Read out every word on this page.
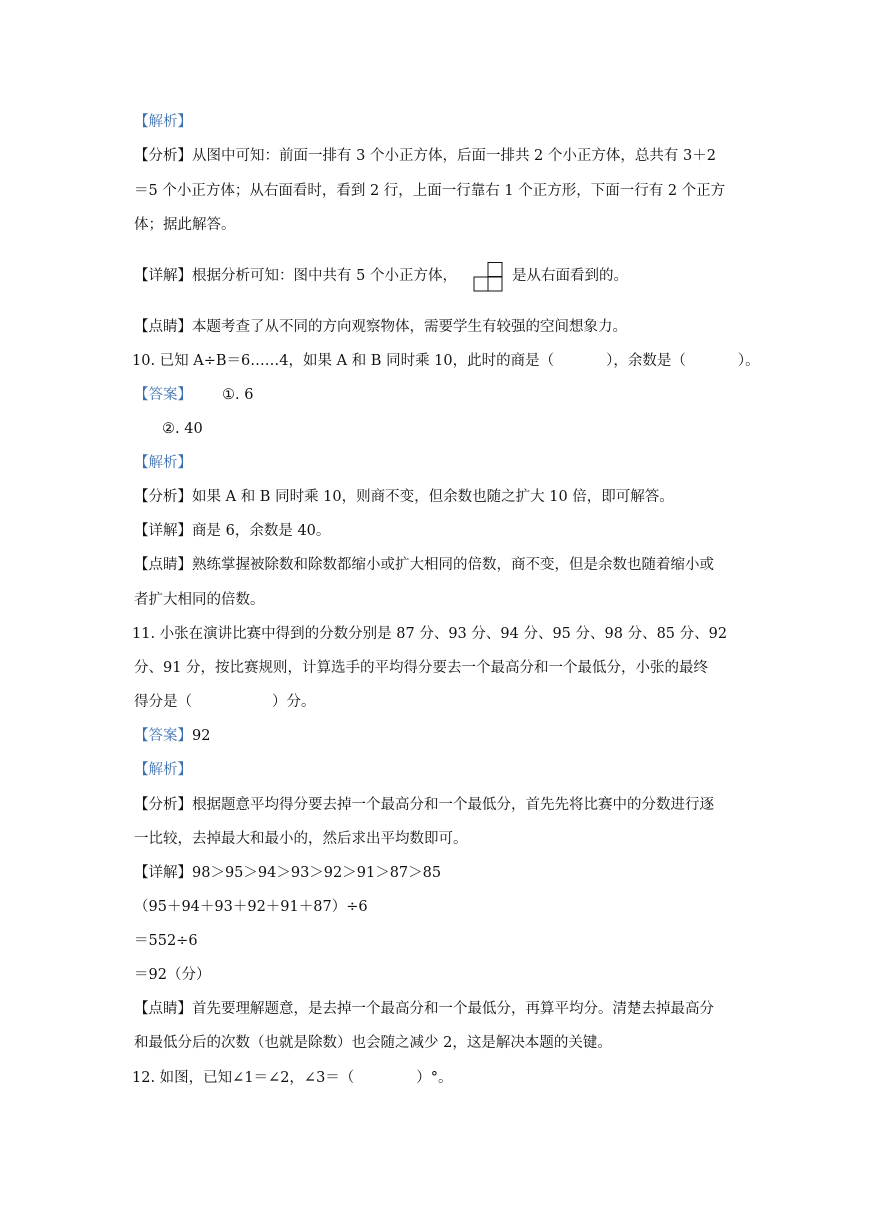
【解析】
【分析】从图中可知：前面一排有 3 个小正方体，后面一排共 2 个小正方体，总共有 3＋2
＝5 个小正方体；从右面看时，看到 2 行，上面一行靠右 1 个正方形，下面一行有 2 个正方
体；据此解答。
【详解】根据分析可知：图中共有 5 个小正方体，	是从右面看到的。
【点睛】本题考查了从不同的方向观察物体，需要学生有较强的空间想象力。
10. 已知 A÷B＝6……4，如果 A 和 B 同时乘 10，此时的商是（	），余数是（	）。
【答案】 ①. 6
②. 40
【解析】
【分析】如果 A 和 B 同时乘 10，则商不变，但余数也随之扩大 10 倍，即可解答。
【详解】商是 6，余数是 40。
【点睛】熟练掌握被除数和除数都缩小或扩大相同的倍数，商不变，但是余数也随着缩小或
者扩大相同的倍数。
11. 小张在演讲比赛中得到的分数分别是 87 分、93 分、94 分、95 分、98 分、85 分、92
分、91 分，按比赛规则，计算选手的平均得分要去一个最高分和一个最低分，小张的最终
得分是（	）分。
【答案】92
【解析】
【分析】根据题意平均得分要去掉一个最高分和一个最低分，首先先将比赛中的分数进行逐
一比较，去掉最大和最小的，然后求出平均数即可。
【详解】98＞95＞94＞93＞92＞91＞87＞85
（95＋94＋93＋92＋91＋87）÷6
＝552÷6
＝92（分）
【点睛】首先要理解题意，是去掉一个最高分和一个最低分，再算平均分。清楚去掉最高分
和最低分后的次数（也就是除数）也会随之减少 2，这是解决本题的关键。
12. 如图，已知∠1＝∠2，∠3＝（	）°。
